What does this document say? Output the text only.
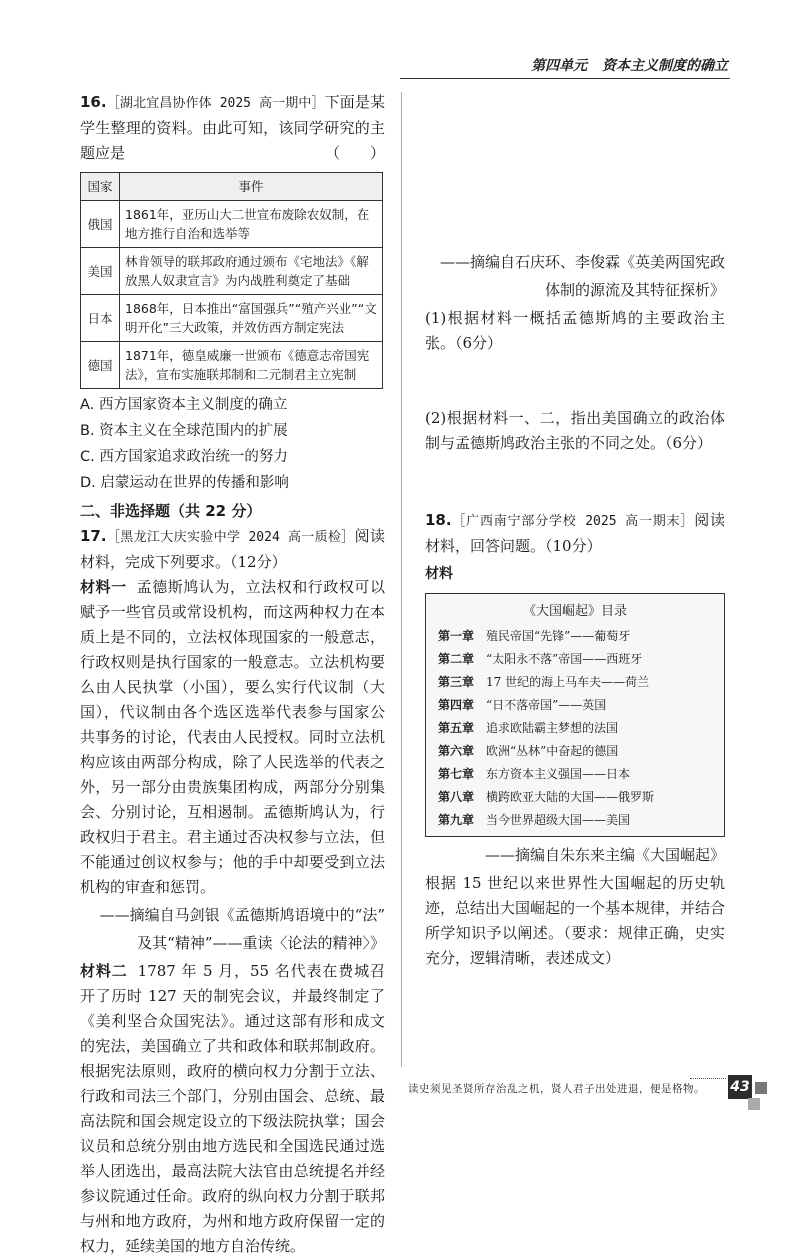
第四单元 资本主义制度的确立

16.［湖北宜昌协作体 2025 高一期中］下面是某学生整理的资料。由此可知，该同学研究的主题应是	（　　）

国家	事件
俄国	1861年，亚历山大二世宣布废除农奴制，在地方推行自治和选举等
美国	林肯领导的联邦政府通过颁布《宅地法》《解放黑人奴隶宣言》为内战胜利奠定了基础
日本	1868年，日本推出“富国强兵”“殖产兴业”“文明开化”三大政策，并效仿西方制定宪法
德国	1871年，德皇威廉一世颁布《德意志帝国宪法》，宣布实施联邦制和二元制君主立宪制
A. 西方国家资本主义制度的确立
B. 资本主义在全球范围内的扩展
C. 西方国家追求政治统一的努力
D. 启蒙运动在世界的传播和影响
二、非选择题（共 22 分）

17.［黑龙江大庆实验中学 2024 高一质检］阅读材料，完成下列要求。（12分）

材料一 孟德斯鸠认为，立法权和行政权可以赋予一些官员或常设机构，而这两种权力在本质上是不同的，立法权体现国家的一般意志，行政权则是执行国家的一般意志。立法机构要么由人民执掌（小国），要么实行代议制（大国），代议制由各个选区选举代表参与国家公共事务的讨论，代表由人民授权。同时立法机构应该由两部分构成，除了人民选举的代表之外，另一部分由贵族集团构成，两部分分别集会、分别讨论，互相遏制。孟德斯鸠认为，行政权归于君主。君主通过否决权参与立法，但不能通过创议权参与；他的手中却要受到立法机构的审查和惩罚。

——摘编自马剑银《孟德斯鸠语境中的“法”
及其“精神”——重读〈论法的精神〉》

材料二 1787 年 5 月，55 名代表在费城召开了历时 127 天的制宪会议，并最终制定了《美利坚合众国宪法》。通过这部有形和成文的宪法，美国确立了共和政体和联邦制政府。根据宪法原则，政府的横向权力分割于立法、行政和司法三个部门，分别由国会、总统、最高法院和国会规定设立的下级法院执掌；国会议员和总统分别由地方选民和全国选民通过选举人团选出，最高法院大法官由总统提名并经参议院通过任命。政府的纵向权力分割于联邦与州和地方政府，为州和地方政府保留一定的权力，延续美国的地方自治传统。

——摘编自石庆环、李俊霖《英美两国宪政
体制的源流及其特征探析》

(1)根据材料一概括孟德斯鸠的主要政治主张。（6分）

(2)根据材料一、二，指出美国确立的政治体制与孟德斯鸠政治主张的不同之处。（6分）

18.［广西南宁部分学校 2025 高一期末］阅读材料，回答问题。（10分）

材料
《大国崛起》目录
第一章 殖民帝国“先锋”——葡萄牙
第二章 “太阳永不落”帝国——西班牙
第三章 17 世纪的海上马车夫——荷兰
第四章 “日不落帝国”——英国
第五章 追求欧陆霸主梦想的法国
第六章 欧洲“丛林”中奋起的德国
第七章 东方资本主义强国——日本
第八章 横跨欧亚大陆的大国——俄罗斯
第九章 当今世界超级大国——美国
——摘编自朱东来主编《大国崛起》

根据 15 世纪以来世界性大国崛起的历史轨迹，总结出大国崛起的一个基本规律，并结合所学知识予以阐述。（要求：规律正确，史实充分，逻辑清晰，表述成文）

读史须见圣贤所存治乱之机，贤人君子出处进退，便是格物。 43
